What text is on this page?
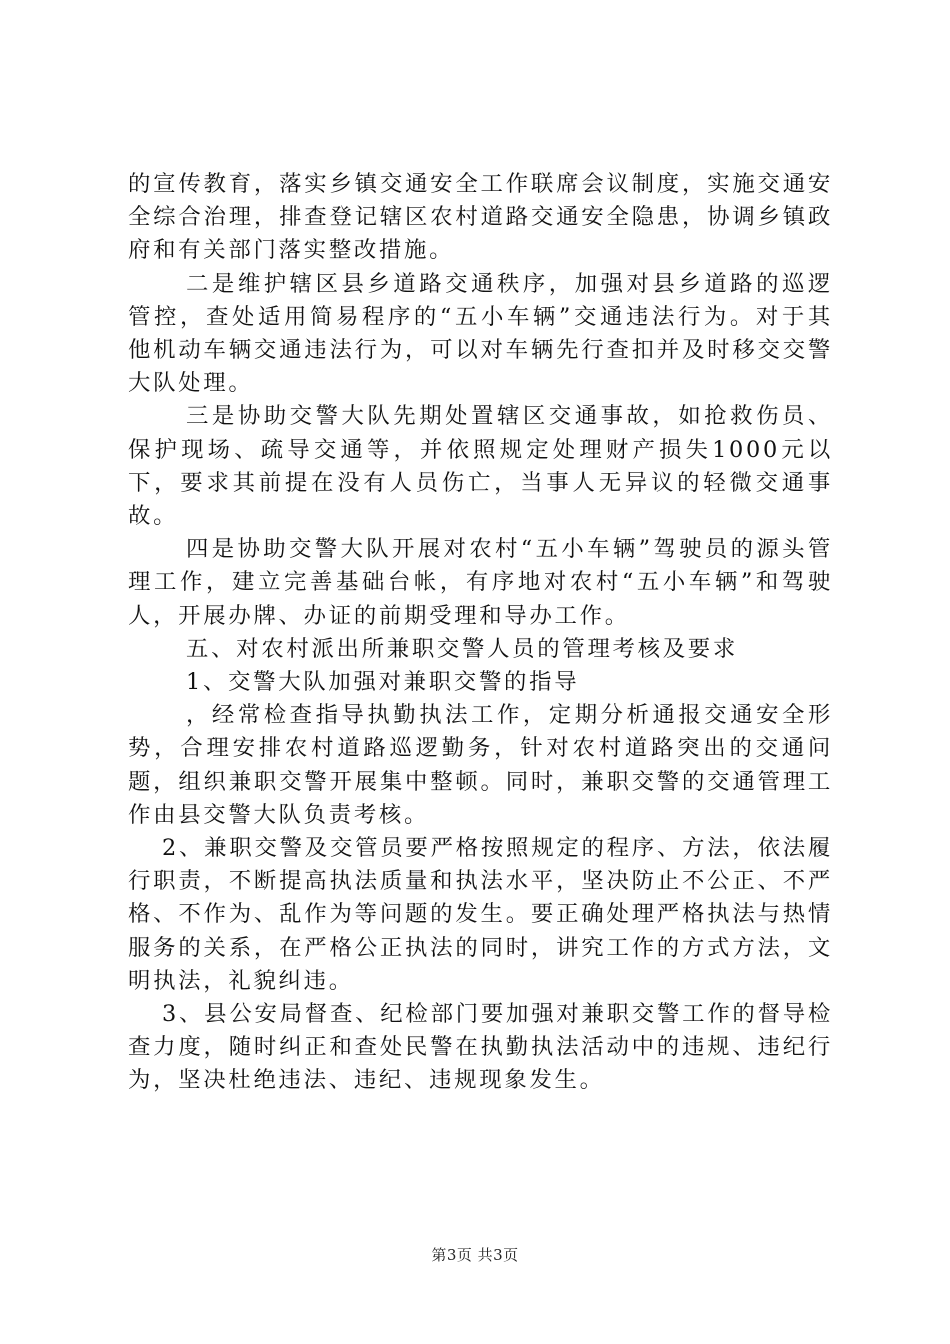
的宣传教育，落实乡镇交通安全工作联席会议制度，实施交通安全综合治理，排查登记辖区农村道路交通安全隐患，协调乡镇政府和有关部门落实整改措施。

二是维护辖区县乡道路交通秩序，加强对县乡道路的巡逻管控，查处适用简易程序的“五小车辆”交通违法行为。对于其他机动车辆交通违法行为，可以对车辆先行查扣并及时移交交警大队处理。

三是协助交警大队先期处置辖区交通事故，如抢救伤员、保护现场、疏导交通等，并依照规定处理财产损失1000元以下，要求其前提在没有人员伤亡，当事人无异议的轻微交通事故。

四是协助交警大队开展对农村“五小车辆”驾驶员的源头管理工作，建立完善基础台帐，有序地对农村“五小车辆”和驾驶人，开展办牌、办证的前期受理和导办工作。

五、对农村派出所兼职交警人员的管理考核及要求

1、交警大队加强对兼职交警的指导

，经常检查指导执勤执法工作，定期分析通报交通安全形势，合理安排农村道路巡逻勤务，针对农村道路突出的交通问题，组织兼职交警开展集中整顿。同时，兼职交警的交通管理工作由县交警大队负责考核。

2、兼职交警及交管员要严格按照规定的程序、方法，依法履行职责，不断提高执法质量和执法水平，坚决防止不公正、不严格、不作为、乱作为等问题的发生。要正确处理严格执法与热情服务的关系，在严格公正执法的同时，讲究工作的方式方法，文明执法，礼貌纠违。

3、县公安局督查、纪检部门要加强对兼职交警工作的督导检查力度，随时纠正和查处民警在执勤执法活动中的违规、违纪行为，坚决杜绝违法、违纪、违规现象发生。

第3页 共3页
